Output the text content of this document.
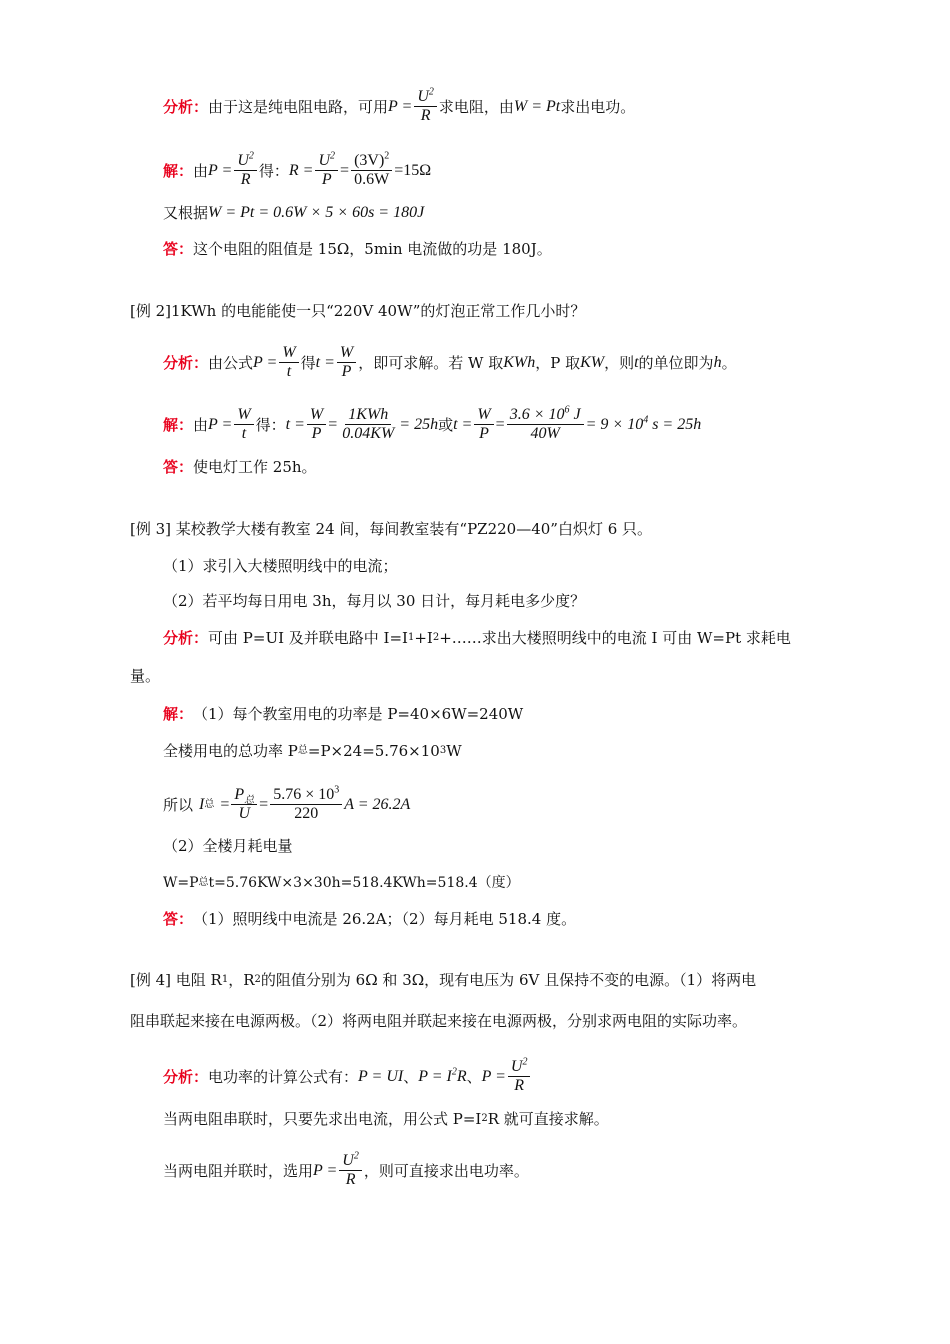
分析： 由于这是纯电阻电路，可用 $P = \frac{U^2}{R}$ 求电阻，由 W = Pt 求出电功。
解： 由 $P = \frac{U^2}{R}$ 得： $R = \frac{U^2}{P} = \frac{(3V)^2}{0.6W} =15\Omega$
又根据 W = Pt = 0.6W × 5 × 60s = 180J
答： 这个电阻的阻值是 15Ω，5min 电流做的功是 180J。
[例 2]1KWh 的电能能使一只“220V 40W”的灯泡正常工作几小时？
分析： 由公式 $P = \frac{W}{t}$ 得 $t = \frac{W}{P}$ ，即可求解。若 W 取 KWh ，P 取 KW ，则 t 的单位即为 h 。
解： 由 $P = \frac{W}{t}$ 得： $t = \frac{W}{P} = \frac{\text{1KWh}}{0.04KW} = 25h$ 或 $t = \frac{W}{P} = \frac{3.6 \times 10^6 J}{40W} = 9 \times 10^4$ s = 25h
答： 使电灯工作 25h。
[例 3] 某校教学大楼有教室 24 间，每间教室装有“PZ220—40”白炽灯 6 只。
（1）求引入大楼照明线中的电流；
（2）若平均每日用电 3h，每月以 30 日计，每月耗电多少度？
分析： 可由 P=UI 及并联电路中 I=I 1 +I 2 +……求出大楼照明线中的电流 I 可由 W=Pt 求耗电
量。
解： （1）每个教室用电的功率是 P=40×6W=240W
全楼用电的总功率 P 总 =P×24=5.76×10 3 W
所以 I 总 = $\frac{P_总}{U} = \frac{5.76 \times 10^3}{220}$ A = 26.2A
（2）全楼月耗电量
W=P 总 t=5.76KW×3×30h=518.4KWh=518.4（度）
答： （1）照明线中电流是 26.2A；（2）每月耗电 518.4 度。
[例 4] 电阻 R 1 ，R 2 的阻值分别为 6Ω 和 3Ω，现有电压为 6V 且保持不变的电源。（1）将两电
阻串联起来接在电源两极。（2）将两电阻并联起来接在电源两极，分别求两电阻的实际功率。
分析： 电功率的计算公式有： P = UI 、 $P = I^2R$ 、 $P = \frac{U^2}{R}$
当两电阻串联时，只要先求出电流，用公式 P=I 2 R 就可直接求解。
当两电阻并联时，选用 $P = \frac{U^2}{R}$ ，则可直接求出电功率。
